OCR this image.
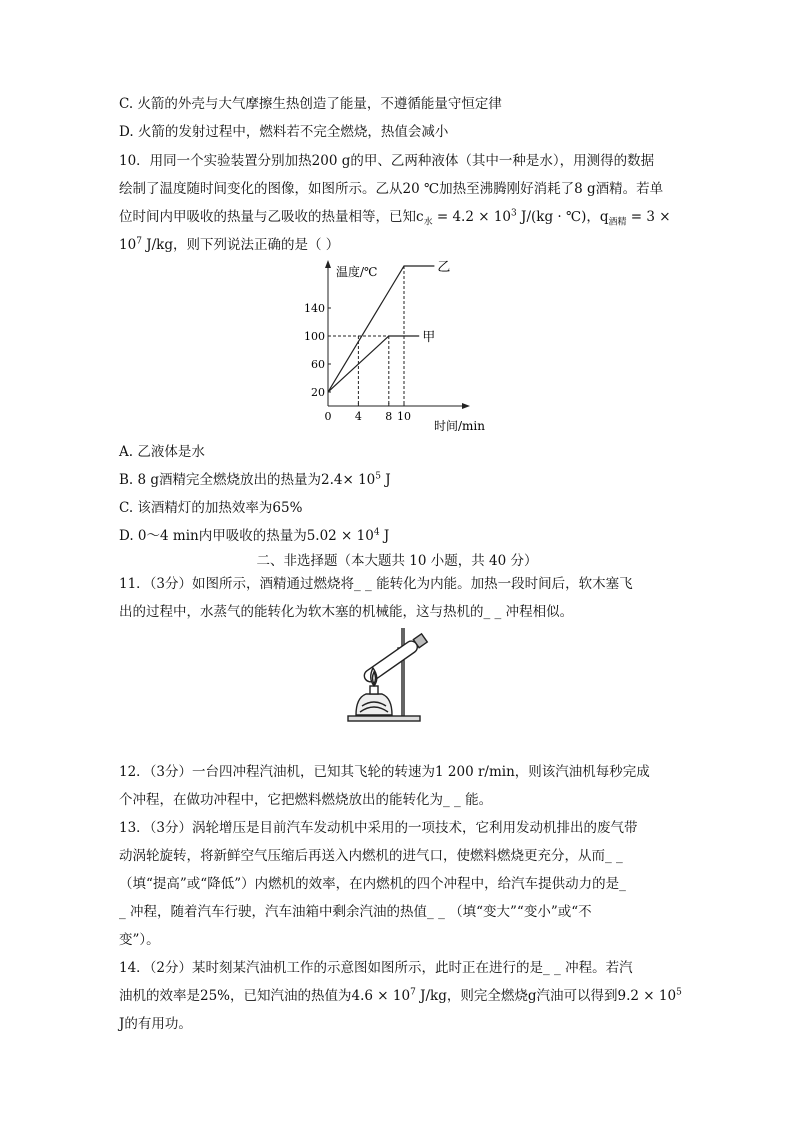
C. 火箭的外壳与大气摩擦生热创造了能量，不遵循能量守恒定律
D. 火箭的发射过程中，燃料若不完全燃烧，热值会减小
10．用同一个实验装置分别加热200 g的甲、乙两种液体（其中一种是水），用测得的数据
绘制了温度随时间变化的图像，如图所示。乙从20 ℃加热至沸腾刚好消耗了8 g酒精。若单
位时间内甲吸收的热量与乙吸收的热量相等，已知$c_水 = 4.2 \times 10^3$ J/(kg · ℃)，$q_{酒精} = 3$ ×
$10^7$ J/kg，则下列说法正确的是（ ）
温度/℃
时间/min
0 4 8 10
20
60
100
140
乙
甲
A. 乙液体是水
B. 8 g酒精完全燃烧放出的热量为$2.4\times 10^5$ J
C. 该酒精灯的加热效率为65%
D. 0～4 min内甲吸收的热量为$5.02 \times 10^4$ J
二、非选择题（本大题共 10 小题，共 40 分）
11．（3分）如图所示，酒精通过燃烧将_ _ 能转化为内能。加热一段时间后，软木塞飞
出的过程中，水蒸气的能转化为软木塞的机械能，这与热机的_ _ 冲程相似。
12．（3分）一台四冲程汽油机，已知其飞轮的转速为1 200 r/min，则该汽油机每秒完成
个冲程，在做功冲程中，它把燃料燃烧放出的能转化为_ _ 能。
13．（3分）涡轮增压是目前汽车发动机中采用的一项技术，它利用发动机排出的废气带
动涡轮旋转，将新鲜空气压缩后再送入内燃机的进气口，使燃料燃烧更充分，从而_ _
（填“提高”或“降低”）内燃机的效率，在内燃机的四个冲程中，给汽车提供动力的是_
_ 冲程，随着汽车行驶，汽车油箱中剩余汽油的热值_ _ （填“变大”“变小”或“不
变”）。
14．（2分）某时刻某汽油机工作的示意图如图所示，此时正在进行的是_ _ 冲程。若汽
油机的效率是25%，已知汽油的热值为$4.6 \times 10^7$ J/kg，则完全燃烧g汽油可以得到$9.2 \times 10^5$
J的有用功。
